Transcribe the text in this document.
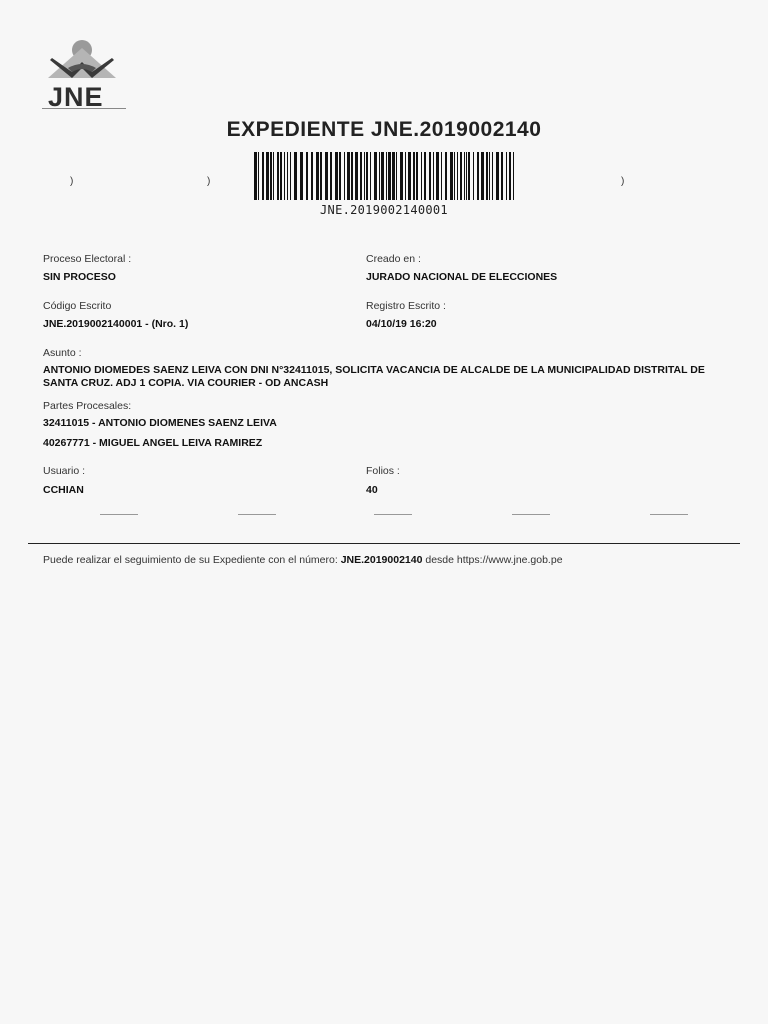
JNE
EXPEDIENTE JNE.2019002140
JNE.2019002140001
)	)	)
Proceso Electoral :
SIN PROCESO
Creado en :
JURADO NACIONAL DE ELECCIONES
Código Escrito
JNE.2019002140001 - (Nro. 1)
Registro Escrito :
04/10/19 16:20
Asunto :
ANTONIO DIOMEDES SAENZ LEIVA CON DNI N°32411015, SOLICITA VACANCIA DE ALCALDE DE LA MUNICIPALIDAD DISTRITAL DE SANTA CRUZ. ADJ 1 COPIA. VIA COURIER - OD ANCASH
Partes Procesales:
32411015 - ANTONIO DIOMENES SAENZ LEIVA
40267771 - MIGUEL ANGEL LEIVA RAMIREZ
Usuario :
CCHIAN
Folios :
40
Puede realizar el seguimiento de su Expediente con el número: JNE.2019002140 desde https://www.jne.gob.pe
